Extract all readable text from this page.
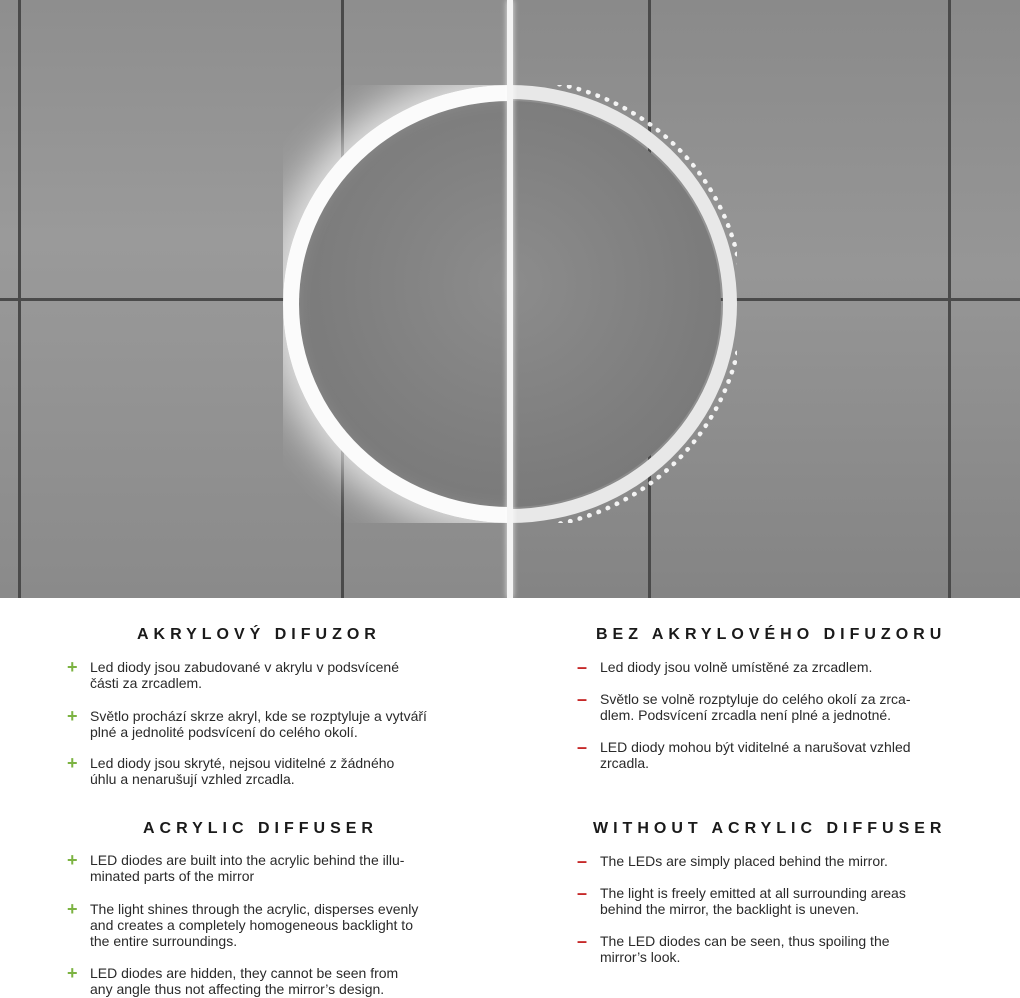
AKRYLOVÝ DIFUZOR
+ Led diody jsou zabudované v akrylu v podsvícené
části za zrcadlem.
+ Světlo prochází skrze akryl, kde se rozptyluje a vytváří
plné a jednolité podsvícení do celého okolí.
+ Led diody jsou skryté, nejsou viditelné z žádného
úhlu a nenarušují vzhled zrcadla.
ACRYLIC DIFFUSER
+ LED diodes are built into the acrylic behind the illu-
minated parts of the mirror
+ The light shines through the acrylic, disperses evenly
and creates a completely homogeneous backlight to
the entire surroundings.
+ LED diodes are hidden, they cannot be seen from
any angle thus not affecting the mirror’s design.
BEZ AKRYLOVÉHO DIFUZORU
– Led diody jsou volně umístěné za zrcadlem.
– Světlo se volně rozptyluje do celého okolí za zrca-
dlem. Podsvícení zrcadla není plné a jednotné.
– LED diody mohou být viditelné a narušovat vzhled
zrcadla.
WITHOUT ACRYLIC DIFFUSER
– The LEDs are simply placed behind the mirror.
– The light is freely emitted at all surrounding areas
behind the mirror, the backlight is uneven.
– The LED diodes can be seen, thus spoiling the
mirror’s look.
